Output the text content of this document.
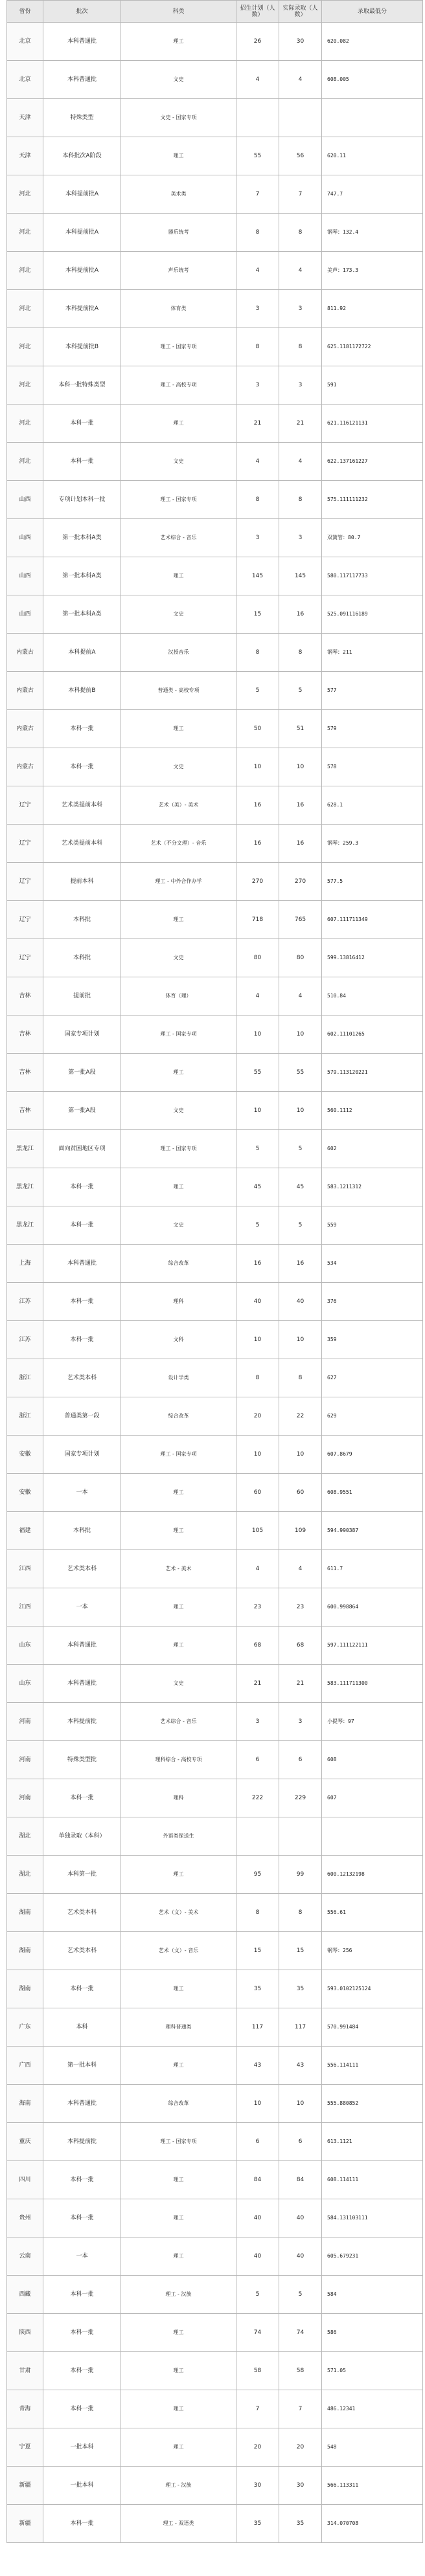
省份	批次	科类	招生计划（人数）	实际录取（人数）	录取最低分
北京	本科普通批	理工	26	30	620.082
北京	本科普通批	文史	4	4	608.005
天津	特殊类型	文史 - 国家专项			
天津	本科批次A阶段	理工	55	56	620.11
河北	本科提前批A	美术类	7	7	747.7
河北	本科提前批A	器乐统考	8	8	钢琴：132.4
河北	本科提前批A	声乐统考	4	4	美声：173.3
河北	本科提前批A	体育类	3	3	811.92
河北	本科提前批B	理工 - 国家专项	8	8	625.1181172722
河北	本科一批特殊类型	理工 - 高校专项	3	3	591
河北	本科一批	理工	21	21	621.116121131
河北	本科一批	文史	4	4	622.137161227
山西	专项计划本科一批	理工 - 国家专项	8	8	575.111111232
山西	第一批本科A类	艺术综合 - 音乐	3	3	双簧管：80.7
山西	第一批本科A类	理工	145	145	580.117117733
山西	第一批本科A类	文史	15	16	525.091116189
内蒙古	本科提前A	汉授音乐	8	8	钢琴：211
内蒙古	本科提前B	普通类 - 高校专项	5	5	577
内蒙古	本科一批	理工	50	51	579
内蒙古	本科一批	文史	10	10	578
辽宁	艺术类提前本科	艺术（美）- 美术	16	16	628.1
辽宁	艺术类提前本科	艺术（不分文理）- 音乐	16	16	钢琴：259.3
辽宁	提前本科	理工 - 中外合作办学	270	270	577.5
辽宁	本科批	理工	718	765	607.111711349
辽宁	本科批	文史	80	80	599.13816412
吉林	提前批	体育（理）	4	4	510.84
吉林	国家专项计划	理工 - 国家专项	10	10	602.11101265
吉林	第一批A段	理工	55	55	579.113120221
吉林	第一批A段	文史	10	10	560.1112
黑龙江	面向贫困地区专项	理工 - 国家专项	5	5	602
黑龙江	本科一批	理工	45	45	583.1211312
黑龙江	本科一批	文史	5	5	559
上海	本科普通批	综合改革	16	16	534
江苏	本科一批	理科	40	40	376
江苏	本科一批	文科	10	10	359
浙江	艺术类本科	设计学类	8	8	627
浙江	普通类第一段	综合改革	20	22	629
安徽	国家专项计划	理工 - 国家专项	10	10	607.8679
安徽	一本	理工	60	60	608.9551
福建	本科批	理工	105	109	594.990387
江西	艺术类本科	艺术 - 美术	4	4	611.7
江西	一本	理工	23	23	600.998864
山东	本科普通批	理工	68	68	597.111122111
山东	本科普通批	文史	21	21	583.111711300
河南	本科提前批	艺术综合 - 音乐	3	3	小提琴：97
河南	特殊类型批	理科综合 - 高校专项	6	6	608
河南	本科一批	理科	222	229	607
湖北	单独录取（本科）	外语类保送生			
湖北	本科第一批	理工	95	99	600.12132198
湖南	艺术类本科	艺术（文）- 美术	8	8	556.61
湖南	艺术类本科	艺术（文）- 音乐	15	15	钢琴：256
湖南	本科一批	理工	35	35	593.0102125124
广东	本科	理科普通类	117	117	570.991484
广西	第一批本科	理工	43	43	556.114111
海南	本科普通批	综合改革	10	10	555.880852
重庆	本科提前批	理工 - 国家专项	6	6	613.1121
四川	本科一批	理工	84	84	608.114111
贵州	本科一批	理工	40	40	584.131103111
云南	一本	理工	40	40	605.679231
西藏	本科一批	理工 - 汉族	5	5	584
陕西	本科一批	理工	74	74	586
甘肃	本科一批	理工	58	58	571.05
青海	本科一批	理工	7	7	486.12341
宁夏	一批本科	理工	20	20	548
新疆	一批本科	理工 - 汉族	30	30	566.113311
新疆	本科一批	理工 - 双语类	35	35	314.070708
